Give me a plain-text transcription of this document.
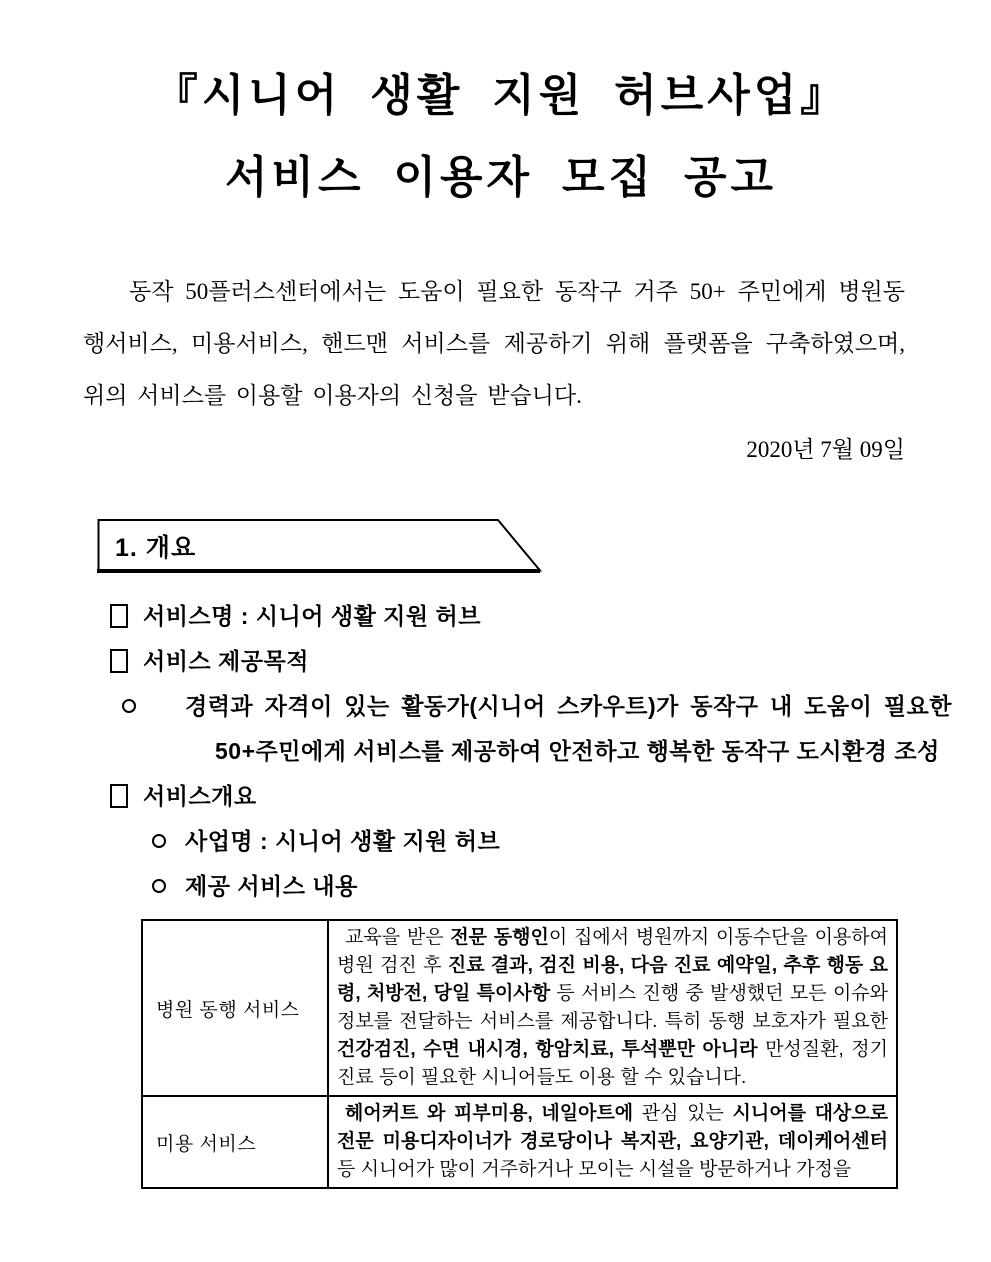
『시니어 생활 지원 허브사업』
서비스 이용자 모집 공고

동작 50플러스센터에서는 도움이 필요한 동작구 거주 50+ 주민에게 병원동행서비스, 미용서비스, 핸드맨 서비스를 제공하기 위해 플랫폼을 구축하였으며, 위의 서비스를 이용할 이용자의 신청을 받습니다.

2020년 7월 09일
1. 개요
서비스명 : 시니어 생활 지원 허브
서비스 제공목적
경력과 자격이 있는 활동가(시니어 스카우트)가 동작구 내 도움이 필요한 50+주민에게 서비스를 제공하여 안전하고 행복한 동작구 도시환경 조성
서비스개요
사업명 : 시니어 생활 지원 허브
제공 서비스 내용
병원 동행 서비스	교육을 받은 전문 동행인이 집에서 병원까지 이동수단을 이용하여 병원 검진 후 진료 결과, 검진 비용, 다음 진료 예약일, 추후 행동 요령, 처방전, 당일 특이사항 등 서비스 진행 중 발생했던 모든 이슈와 정보를 전달하는 서비스를 제공합니다. 특히 동행 보호자가 필요한 건강검진, 수면 내시경, 항암치료, 투석뿐만 아니라 만성질환, 정기진료 등이 필요한 시니어들도 이용 할 수 있습니다.
미용 서비스	헤어커트 와 피부미용, 네일아트에 관심 있는 시니어를 대상으로 전문 미용디자이너가 경로당이나 복지관, 요양기관, 데이케어센터 등 시니어가 많이 거주하거나 모이는 시설을 방문하거나 가정을
